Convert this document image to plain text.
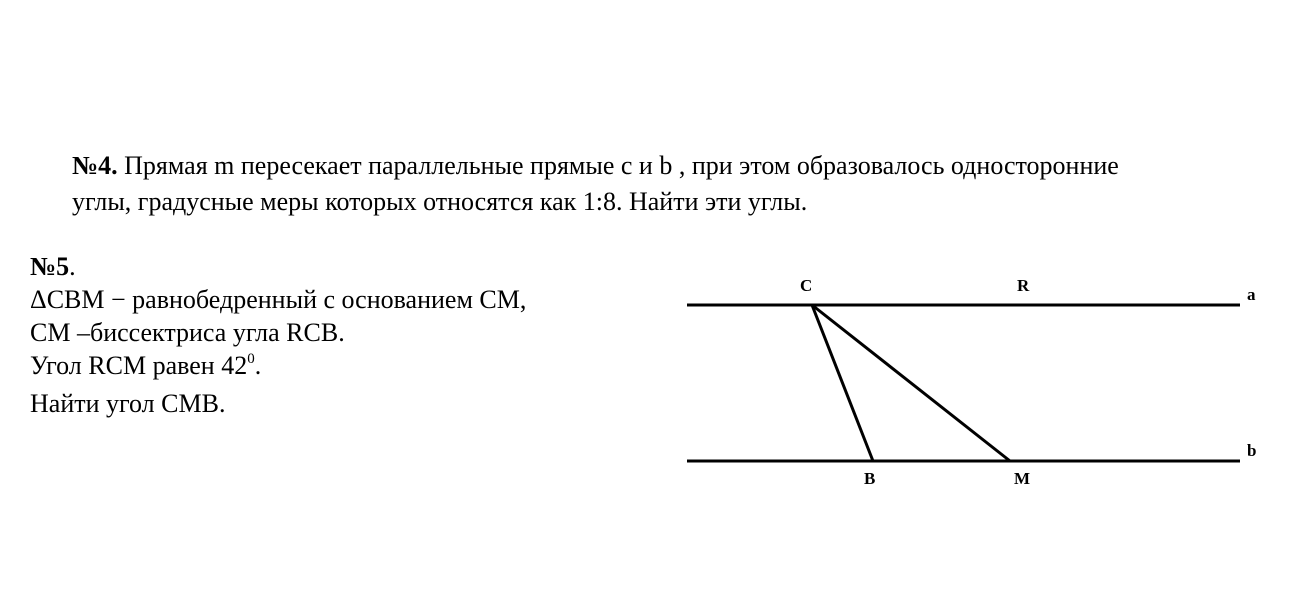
№4. Прямая m пересекает параллельные прямые c и b , при этом образовалось односторонние
углы, градусные меры которых относятся как 1:8. Найти эти углы.
№5.
ΔCBM − равнобедренный с основанием CM,
CM –биссектриса угла RCB.
Угол RCM равен $42^0$.
Найти угол CMB.
C	R	a
b
B	M
